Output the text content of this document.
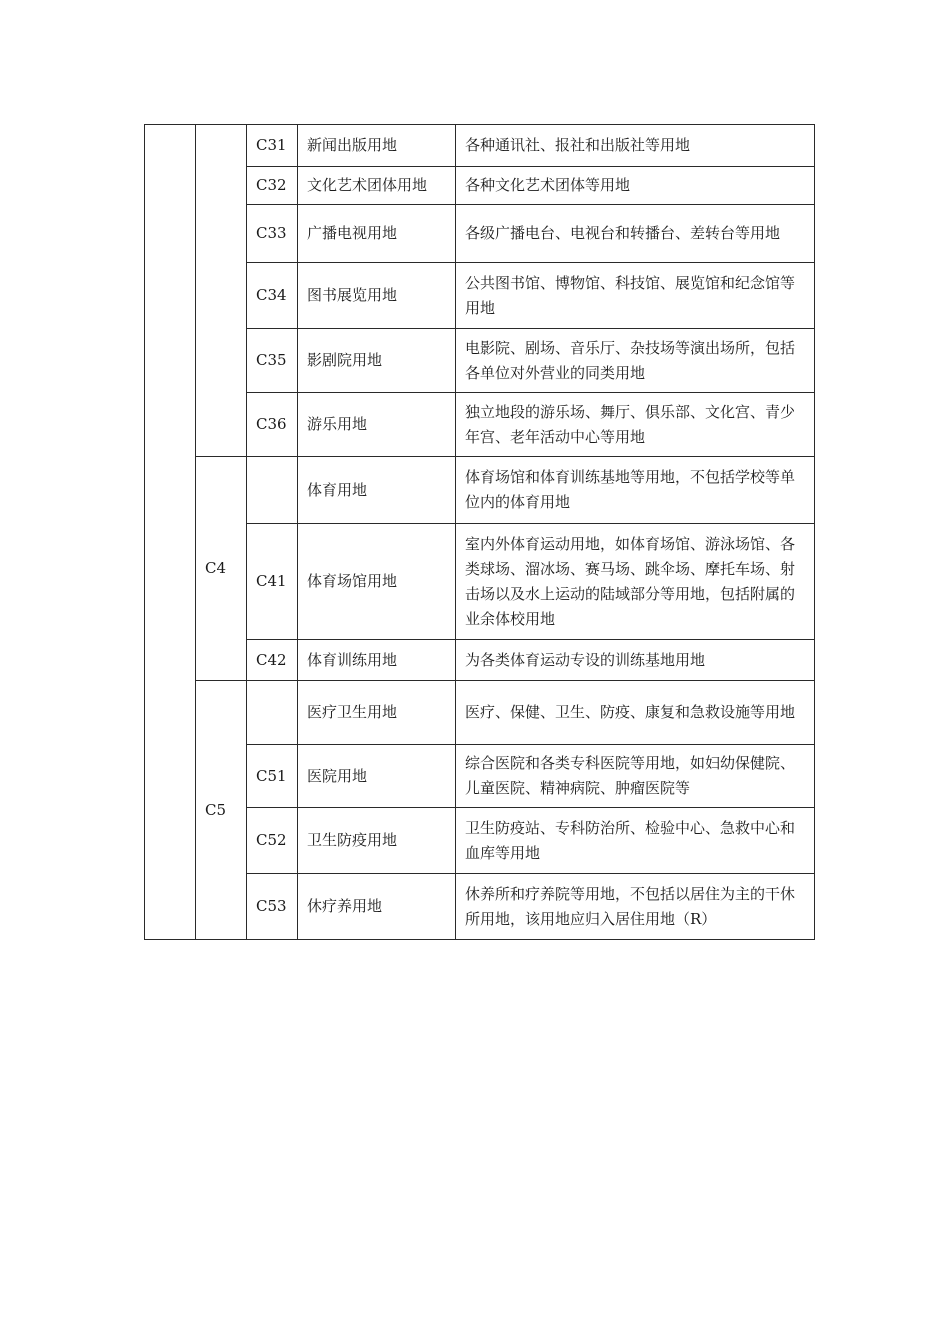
		C31	新闻出版用地	各种通讯社、报社和出版社等用地
		C32	文化艺术团体用地	各种文化艺术团体等用地
		C33	广播电视用地	各级广播电台、电视台和转播台、差转台等用地
		C34	图书展览用地	公共图书馆、博物馆、科技馆、展览馆和纪念馆等用地
		C35	影剧院用地	电影院、剧场、音乐厅、杂技场等演出场所，包括各单位对外营业的同类用地
		C36	游乐用地	独立地段的游乐场、舞厅、俱乐部、文化宫、青少年宫、老年活动中心等用地
	C4		体育用地	体育场馆和体育训练基地等用地，不包括学校等单位内的体育用地
		C41	体育场馆用地	室内外体育运动用地，如体育场馆、游泳场馆、各类球场、溜冰场、赛马场、跳伞场、摩托车场、射击场以及水上运动的陆域部分等用地，包括附属的业余体校用地
		C42	体育训练用地	为各类体育运动专设的训练基地用地
	C5		医疗卫生用地	医疗、保健、卫生、防疫、康复和急救设施等用地
		C51	医院用地	综合医院和各类专科医院等用地，如妇幼保健院、儿童医院、精神病院、肿瘤医院等
		C52	卫生防疫用地	卫生防疫站、专科防治所、检验中心、急救中心和血库等用地
		C53	休疗养用地	休养所和疗养院等用地，不包括以居住为主的干休所用地，该用地应归入居住用地（R）
